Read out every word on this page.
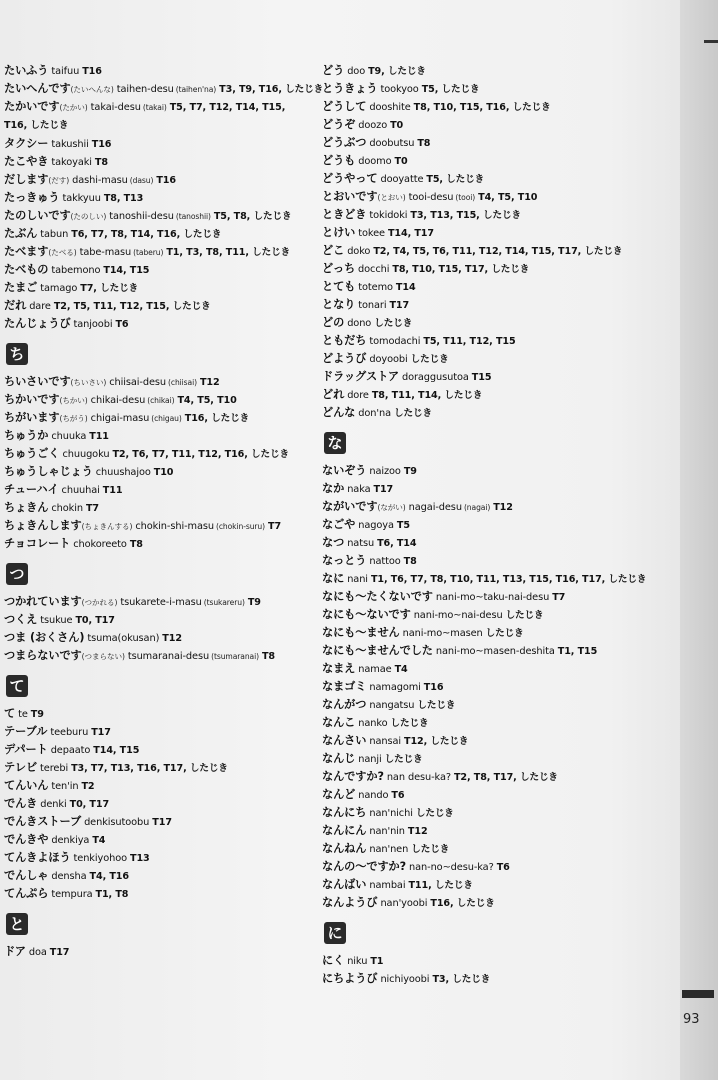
たいふう taifuu T16
たいへんです(たいへんな) taihen-desu (taihen'na) T3, T9, T16, したじき
たかいです(たかい) takai-desu (takai) T5, T7, T12, T14, T15, T16, したじき
タクシー takushii T16
たこやき takoyaki T8
だします(だす) dashi-masu (dasu) T16
たっきゅう takkyuu T8, T13
たのしいです(たのしい) tanoshii-desu (tanoshii) T5, T8, したじき
たぶん tabun T6, T7, T8, T14, T16, したじき
たべます(たべる) tabe-masu (taberu) T1, T3, T8, T11, したじき
たべもの tabemono T14, T15
たまご tamago T7, したじき
だれ dare T2, T5, T11, T12, T15, したじき
たんじょうび tanjoobi T6
ち
ちいさいです(ちいさい) chiisai-desu (chiisai) T12
ちかいです(ちかい) chikai-desu (chikai) T4, T5, T10
ちがいます(ちがう) chigai-masu (chigau) T16, したじき
ちゅうか chuuka T11
ちゅうごく chuugoku T2, T6, T7, T11, T12, T16, したじき
ちゅうしゃじょう chuushajoo T10
チューハイ chuuhai T11
ちょきん chokin T7
ちょきんします(ちょきんする) chokin-shi-masu (chokin-suru) T7
チョコレート chokoreeto T8
つ
つかれています(つかれる) tsukarete-i-masu (tsukareru) T9
つくえ tsukue T0, T17
つま (おくさん) tsuma(okusan) T12
つまらないです(つまらない) tsumaranai-desu (tsumaranai) T8
て
て te T9
テーブル teeburu T17
デパート depaato T14, T15
テレビ terebi T3, T7, T13, T16, T17, したじき
てんいん ten'in T2
でんき denki T0, T17
でんきストーブ denkisutoobu T17
でんきや denkiya T4
てんきよほう tenkiyohoo T13
でんしゃ densha T4, T16
てんぷら tempura T1, T8
と
ドア doa T17
どう doo T9, したじき
とうきょう tookyoo T5, したじき
どうして dooshite T8, T10, T15, T16, したじき
どうぞ doozo T0
どうぶつ doobutsu T8
どうも doomo T0
どうやって dooyatte T5, したじき
とおいです(とおい) tooi-desu (tooi) T4, T5, T10
ときどき tokidoki T3, T13, T15, したじき
とけい tokee T14, T17
どこ doko T2, T4, T5, T6, T11, T12, T14, T15, T17, したじき
どっち docchi T8, T10, T15, T17, したじき
とても totemo T14
となり tonari T17
どの dono したじき
ともだち tomodachi T5, T11, T12, T15
どようび doyoobi したじき
ドラッグストア doraggusutoa T15
どれ dore T8, T11, T14, したじき
どんな don'na したじき
な
ないぞう naizoo T9
なか naka T17
ながいです(ながい) nagai-desu (nagai) T12
なごや nagoya T5
なつ natsu T6, T14
なっとう nattoo T8
なに nani T1, T6, T7, T8, T10, T11, T13, T15, T16, T17, したじき
なにも～たくないです nani-mo~taku-nai-desu T7
なにも～ないです nani-mo~nai-desu したじき
なにも～ません nani-mo~masen したじき
なにも～ませんでした nani-mo~masen-deshita T1, T15
なまえ namae T4
なまゴミ namagomi T16
なんがつ nangatsu したじき
なんこ nanko したじき
なんさい nansai T12, したじき
なんじ nanji したじき
なんですか? nan desu-ka? T2, T8, T17, したじき
なんど nando T6
なんにち nan'nichi したじき
なんにん nan'nin T12
なんねん nan'nen したじき
なんの～ですか? nan-no~desu-ka? T6
なんばい nambai T11, したじき
なんようび nan'yoobi T16, したじき
に
にく niku T1
にちようび nichiyoobi T3, したじき
93
